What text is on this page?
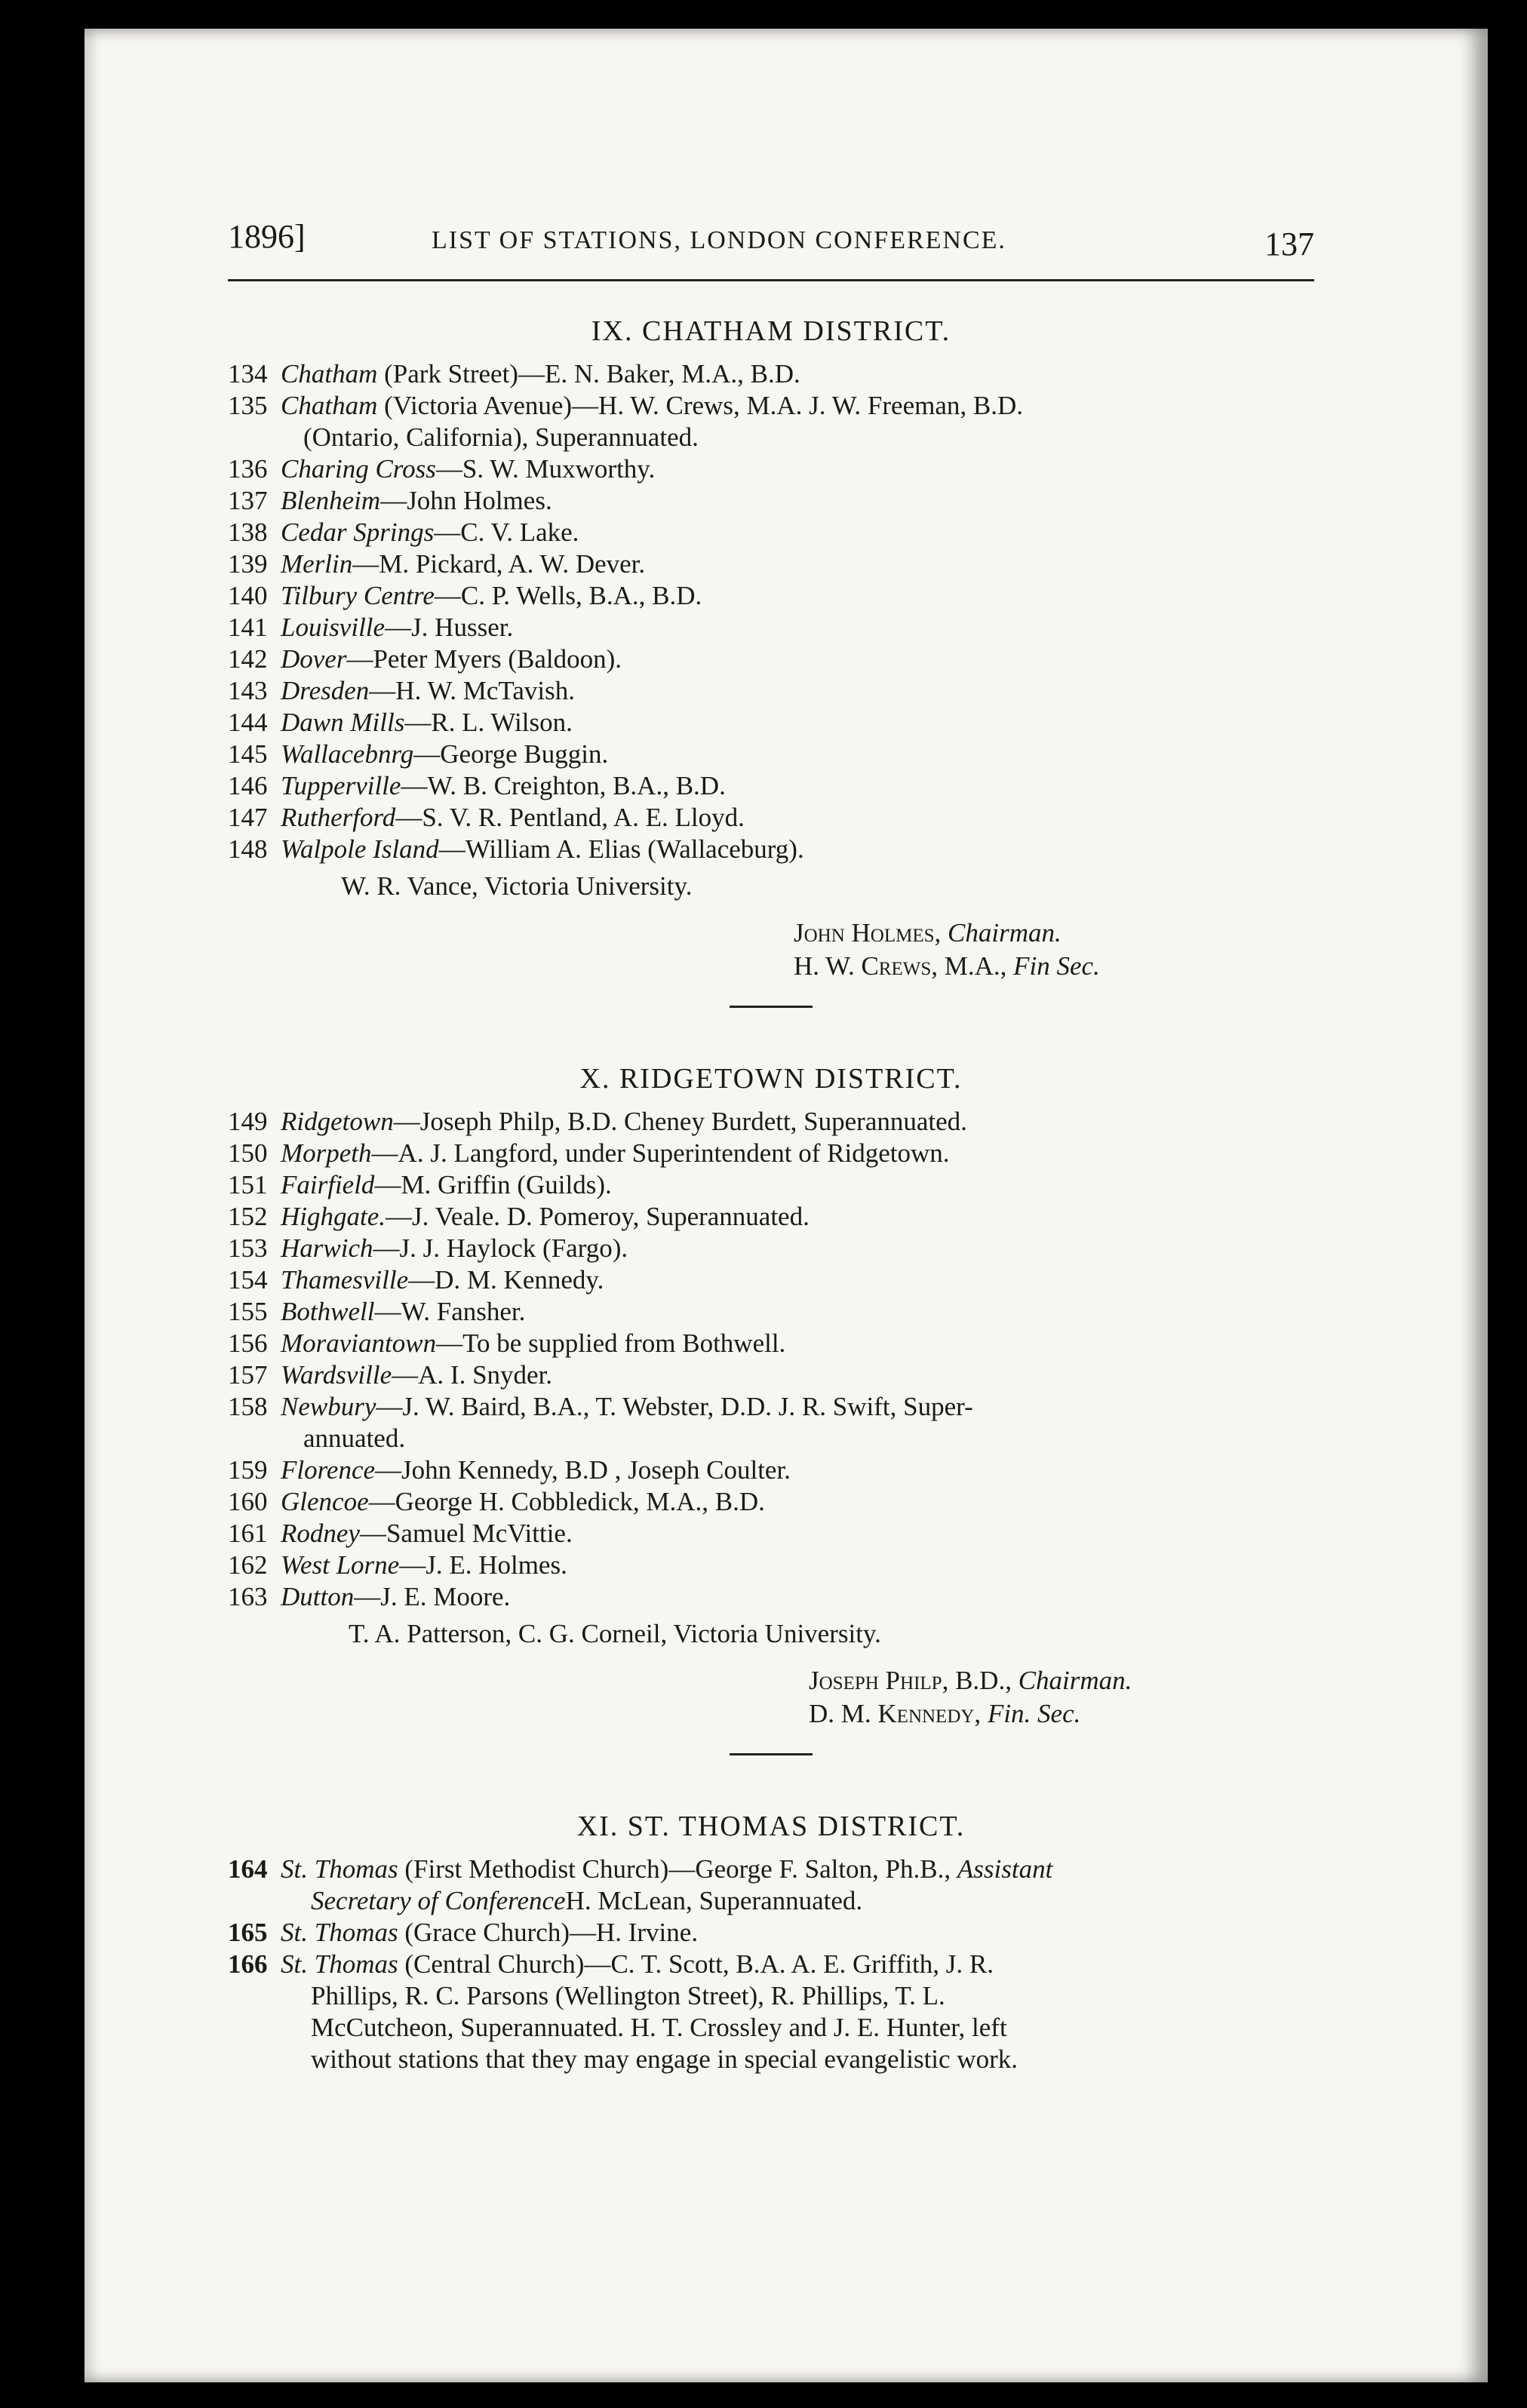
1896]	LIST OF STATIONS, LONDON CONFERENCE.	137
IX. CHATHAM DISTRICT.
134 Chatham (Park Street)—E. N. Baker, M.A., B.D.
135 Chatham (Victoria Avenue)—H. W. Crews, M.A. J. W. Freeman, B.D.
(Ontario, California), Superannuated.
136 Charing Cross—S. W. Muxworthy.
137 Blenheim—John Holmes.
138 Cedar Springs—C. V. Lake.
139 Merlin—M. Pickard, A. W. Dever.
140 Tilbury Centre—C. P. Wells, B.A., B.D.
141 Louisville—J. Husser.
142 Dover—Peter Myers (Baldoon).
143 Dresden—H. W. McTavish.
144 Dawn Mills—R. L. Wilson.
145 Wallacebnrg—George Buggin.
146 Tupperville—W. B. Creighton, B.A., B.D.
147 Rutherford—S. V. R. Pentland, A. E. Lloyd.
148 Walpole Island—William A. Elias (Wallaceburg).
W. R. Vance, Victoria University.
John Holmes, Chairman.
H. W. Crews, M.A., Fin Sec.
X. RIDGETOWN DISTRICT.
149 Ridgetown—Joseph Philp, B.D. Cheney Burdett, Superannuated.
150 Morpeth—A. J. Langford, under Superintendent of Ridgetown.
151 Fairfield—M. Griffin (Guilds).
152 Highgate.—J. Veale. D. Pomeroy, Superannuated.
153 Harwich—J. J. Haylock (Fargo).
154 Thamesville—D. M. Kennedy.
155 Bothwell—W. Fansher.
156 Moraviantown—To be supplied from Bothwell.
157 Wardsville—A. I. Snyder.
158 Newbury—J. W. Baird, B.A., T. Webster, D.D. J. R. Swift, Super-
annuated.
159 Florence—John Kennedy, B.D , Joseph Coulter.
160 Glencoe—George H. Cobbledick, M.A., B.D.
161 Rodney—Samuel McVittie.
162 West Lorne—J. E. Holmes.
163 Dutton—J. E. Moore.
T. A. Patterson, C. G. Corneil, Victoria University.
Joseph Philp, B.D., Chairman.
D. M. Kennedy, Fin. Sec.
XI. ST. THOMAS DISTRICT.
164 St. Thomas (First Methodist Church)—George F. Salton, Ph.B., Assistant
Secretary of Conference H. McLean, Superannuated.
165 St. Thomas (Grace Church)—H. Irvine.
166 St. Thomas (Central Church)—C. T. Scott, B.A. A. E. Griffith, J. R.
Phillips, R. C. Parsons (Wellington Street), R. Phillips, T. L.
McCutcheon, Superannuated. H. T. Crossley and J. E. Hunter, left
without stations that they may engage in special evangelistic work.
